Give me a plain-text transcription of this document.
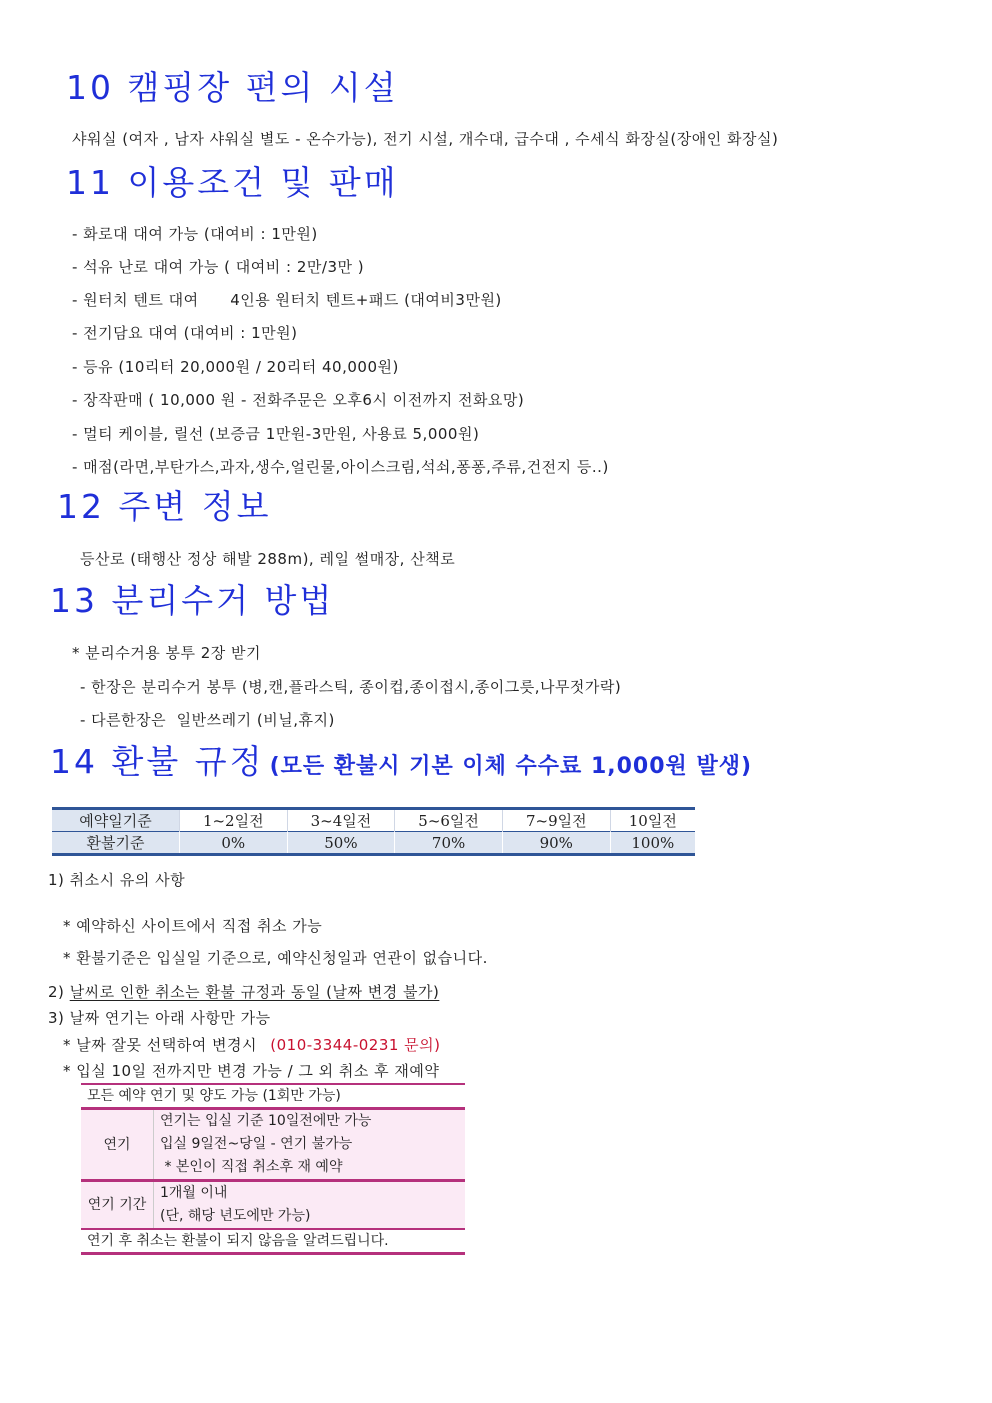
10 캠핑장 편의 시설
샤워실 (여자 , 남자 샤워실 별도 - 온수가능), 전기 시설, 개수대, 급수대 , 수세식 화장실(장애인 화장실)
11 이용조건 및 판매
- 화로대 대여 가능 (대여비 : 1만원)
- 석유 난로 대여 가능 ( 대여비 : 2만/3만 )
- 원터치 텐트 대여      4인용 원터치 텐트+패드 (대여비3만원)
- 전기담요 대여 (대여비 : 1만원)
- 등유 (10리터 20,000원 / 20리터 40,000원)
- 장작판매 ( 10,000 원 - 전화주문은 오후6시 이전까지 전화요망)
- 멀티 케이블, 릴선 (보증금 1만원-3만원, 사용료 5,000원)
- 매점(라면,부탄가스,과자,생수,얼린물,아이스크림,석쇠,퐁퐁,주류,건전지 등..)
12 주변 정보
등산로 (태행산 정상 해발 288m), 레일 썰매장, 산책로
13 분리수거 방법
* 분리수거용 봉투 2장 받기
- 한장은 분리수거 봉투 (병,캔,플라스틱, 종이컵,종이접시,종이그릇,나무젓가락)
- 다른한장은  일반쓰레기 (비닐,휴지)
14 환불 규정 (모든 환불시 기본 이체 수수료 1,000원 발생)
예약일기준	1~2일전	3~4일전	5~6일전	7~9일전	10일전
환불기준	0%	50%	70%	90%	100%
1) 취소시 유의 사항
* 예약하신 사이트에서 직접 취소 가능
* 환불기준은 입실일 기준으로, 예약신청일과 연관이 없습니다.
2) 날씨로 인한 취소는 환불 규정과 동일 (날짜 변경 불가)
3) 날짜 연기는 아래 사항만 가능
* 날짜 잘못 선택하여 변경시 (010-3344-0231 문의)
* 입실 10일 전까지만 변경 가능 / 그 외 취소 후 재예약
모든 예약 연기 및 양도 가능 (1회만 가능)	
연기	연기는 입실 기준 10일전에만 가능
입실 9일전~당일 - 연기 불가능
* 본인이 직접 취소후 재 예약

연기 기간	1개월 이내
(단, 해당 년도에만 가능)

연기 후 취소는 환불이 되지 않음을 알려드립니다.	
